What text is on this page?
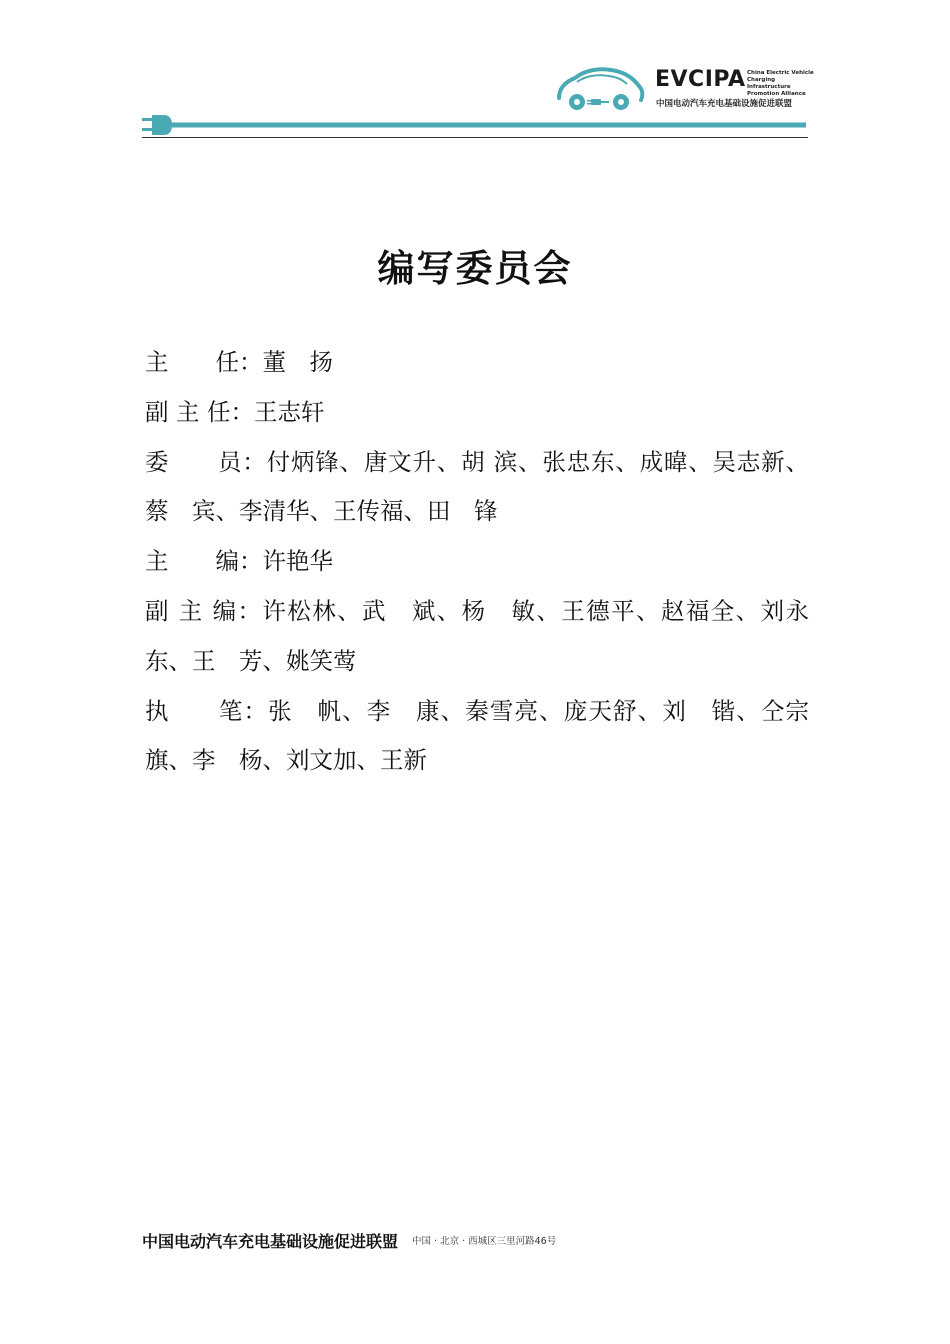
EVCIPA China Electric Vehicle
Charging Infrastructure
Promotion Alliance
中国电动汽车充电基础设施促进联盟
编写委员会

主　　任：董　扬

副 主 任：王志轩

委　　员：付炳锋、唐文升、胡 滨、张忠东、成暐、吴志新、蔡　宾、李清华、王传福、田　锋

主　　编：许艳华

副 主 编：许松林、武　斌、杨　敏、王德平、赵福全、刘永东、王　芳、姚笑莺

执　　笔：张　帆、李　康、秦雪亮、庞天舒、刘　锴、仝宗旗、李　杨、刘文加、王新

中国电动汽车充电基础设施促进联盟 中国 · 北京 · 西城区三里河路46号
